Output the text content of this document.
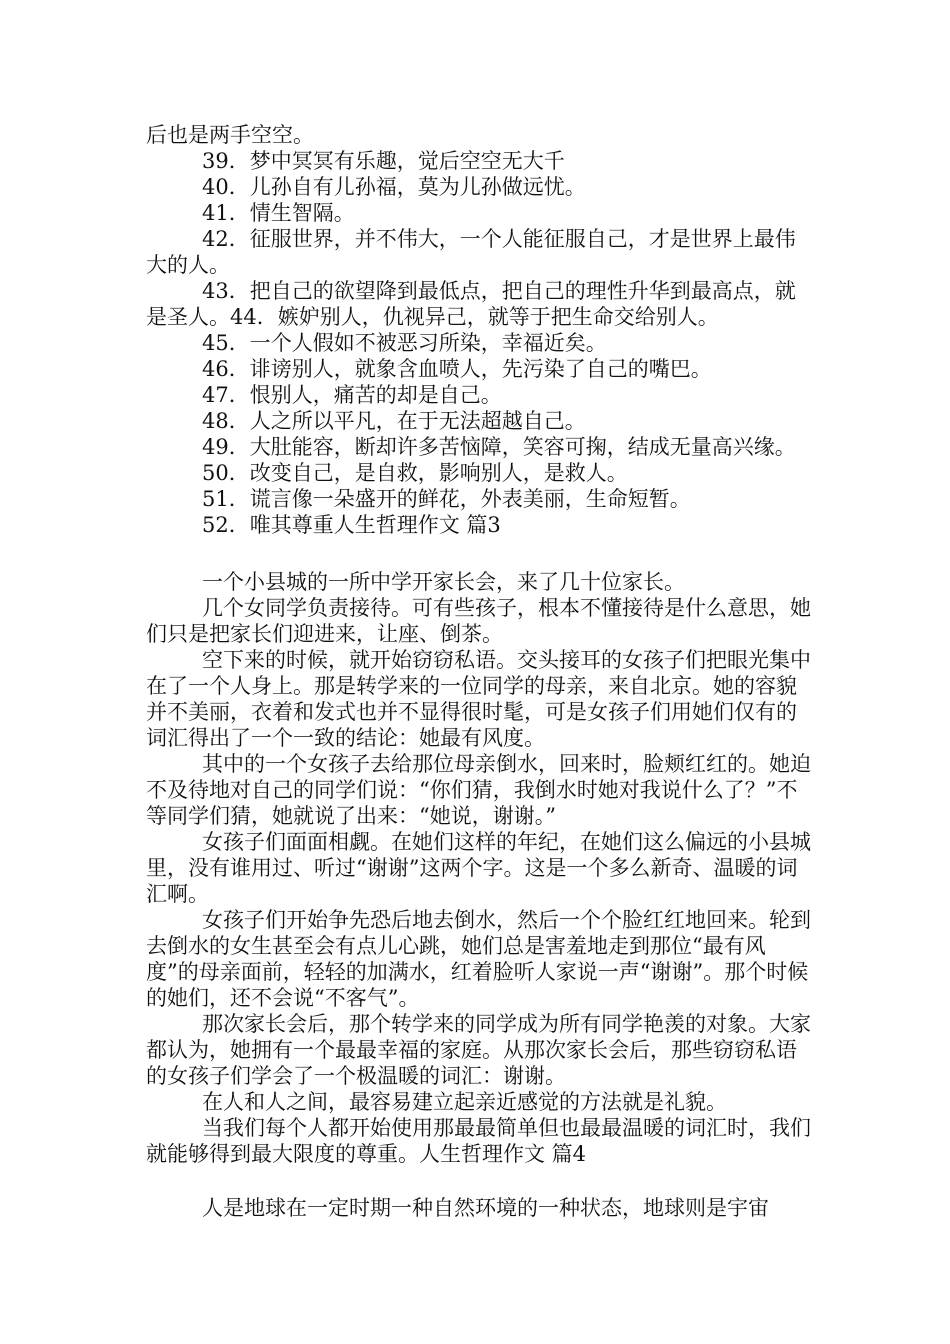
后也是两手空空。

39．梦中冥冥有乐趣，觉后空空无大千

40．儿孙自有儿孙福，莫为儿孙做远忧。

41．情生智隔。

42．征服世界，并不伟大，一个人能征服自己，才是世界上最伟大的人。

43．把自己的欲望降到最低点，把自己的理性升华到最高点，就是圣人。44．嫉妒别人，仇视异己，就等于把生命交给别人。

45．一个人假如不被恶习所染，幸福近矣。

46．诽谤别人，就象含血喷人，先污染了自己的嘴巴。

47．恨别人，痛苦的却是自己。

48．人之所以平凡，在于无法超越自己。

49．大肚能容，断却许多苦恼障，笑容可掬，结成无量高兴缘。

50．改变自己，是自救，影响别人，是救人。

51．谎言像一朵盛开的鲜花，外表美丽，生命短暂。

52．唯其尊重人生哲理作文 篇3

一个小县城的一所中学开家长会，来了几十位家长。

几个女同学负责接待。可有些孩子，根本不懂接待是什么意思，她们只是把家长们迎进来，让座、倒茶。

空下来的时候，就开始窃窃私语。交头接耳的女孩子们把眼光集中在了一个人身上。那是转学来的一位同学的母亲，来自北京。她的容貌并不美丽，衣着和发式也并不显得很时髦，可是女孩子们用她们仅有的词汇得出了一个一致的结论：她最有风度。

其中的一个女孩子去给那位母亲倒水，回来时，脸颊红红的。她迫不及待地对自己的同学们说：“你们猜，我倒水时她对我说什么了？”不等同学们猜，她就说了出来：“她说，谢谢。”

女孩子们面面相觑。在她们这样的年纪，在她们这么偏远的小县城里，没有谁用过、听过“谢谢”这两个字。这是一个多么新奇、温暖的词汇啊。

女孩子们开始争先恐后地去倒水，然后一个个脸红红地回来。轮到去倒水的女生甚至会有点儿心跳，她们总是害羞地走到那位“最有风度”的母亲面前，轻轻的加满水，红着脸听人家说一声“谢谢”。那个时候的她们，还不会说“不客气”。

那次家长会后，那个转学来的同学成为所有同学艳羡的对象。大家都认为，她拥有一个最最幸福的家庭。从那次家长会后，那些窃窃私语的女孩子们学会了一个极温暖的词汇：谢谢。

在人和人之间，最容易建立起亲近感觉的方法就是礼貌。

当我们每个人都开始使用那最最简单但也最最温暖的词汇时，我们就能够得到最大限度的尊重。人生哲理作文 篇4

人是地球在一定时期一种自然环境的一种状态，地球则是宇宙
